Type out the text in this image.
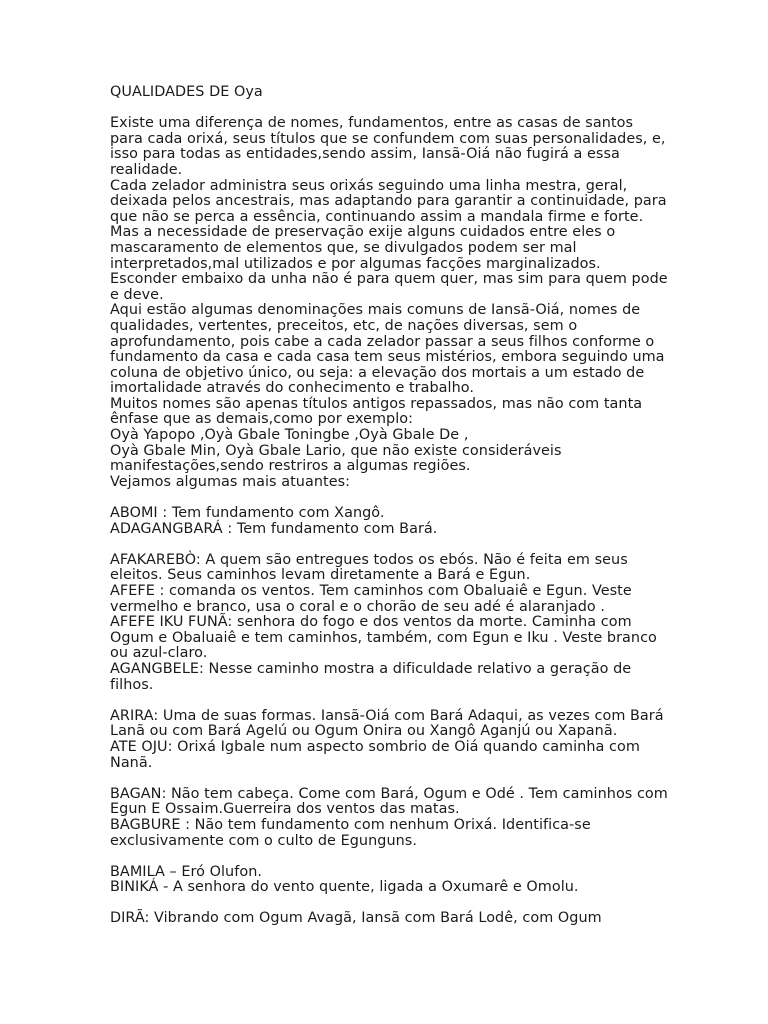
QUALIDADES DE Oya

Existe uma diferença de nomes, fundamentos, entre as casas de santos para cada orixá, seus títulos que se confundem com suas personalidades, e, isso para todas as entidades,sendo assim, Iansã-Oiá não fugirá a essa realidade.

Cada zelador administra seus orixás seguindo uma linha mestra, geral, deixada pelos ancestrais, mas adaptando para garantir a continuidade, para que não se perca a essência, continuando assim a mandala firme e forte.

Mas a necessidade de preservação exije alguns cuidados entre eles o mascaramento de elementos que, se divulgados podem ser mal interpretados,mal utilizados e por algumas facções marginalizados.

Esconder embaixo da unha não é para quem quer, mas sim para quem pode e deve.

Aqui estão algumas denominações mais comuns de Iansã-Oiá, nomes de qualidades, vertentes, preceitos, etc, de nações diversas, sem o aprofundamento, pois cabe a cada zelador passar a seus filhos conforme o fundamento da casa e cada casa tem seus mistérios, embora seguindo uma coluna de objetivo único, ou seja: a elevação dos mortais a um estado de imortalidade através do conhecimento e trabalho.

Muitos nomes são apenas títulos antigos repassados, mas não com tanta ênfase que as demais,como por exemplo:

Oyà Yapopo ,Oyà Gbale Toningbe ,Oyà Gbale De ,

Oyà Gbale Min, Oyà Gbale Lario, que não existe consideráveis manifestações,sendo restriros a algumas regiões.

Vejamos algumas mais atuantes:

ABOMI : Tem fundamento com Xangô.

ADAGANGBARÁ : Tem fundamento com Bará.

AFAKAREBÒ: A quem são entregues todos os ebós. Não é feita em seus eleitos. Seus caminhos levam diretamente a Bará e Egun.

AFEFE : comanda os ventos. Tem caminhos com Obaluaiê e Egun. Veste vermelho e branco, usa o coral e o chorão de seu adé é alaranjado .

AFEFE IKU FUNÃ: senhora do fogo e dos ventos da morte. Caminha com Ogum e Obaluaiê e tem caminhos, também, com Egun e Iku . Veste branco ou azul-claro.

AGANGBELE: Nesse caminho mostra a dificuldade relativo a geração de filhos.

ARIRA: Uma de suas formas. Iansã-Oiá com Bará Adaqui, as vezes com Bará Lanã ou com Bará Agelú ou Ogum Onira ou Xangô Aganjú ou Xapanã.

ATE OJU: Orixá Igbale num aspecto sombrio de Oiá quando caminha com Nanã.

BAGAN: Não tem cabeça. Come com Bará, Ogum e Odé . Tem caminhos com Egun E Ossaim.Guerreira dos ventos das matas.

BAGBURE : Não tem fundamento com nenhum Orixá. Identifica-se exclusivamente com o culto de Egunguns.

BAMILA – Eró Olufon.

BINIKÁ - A senhora do vento quente, ligada a Oxumarê e Omolu.

DIRÃ: Vibrando com Ogum Avagã, Iansã com Bará Lodê, com Ogum
